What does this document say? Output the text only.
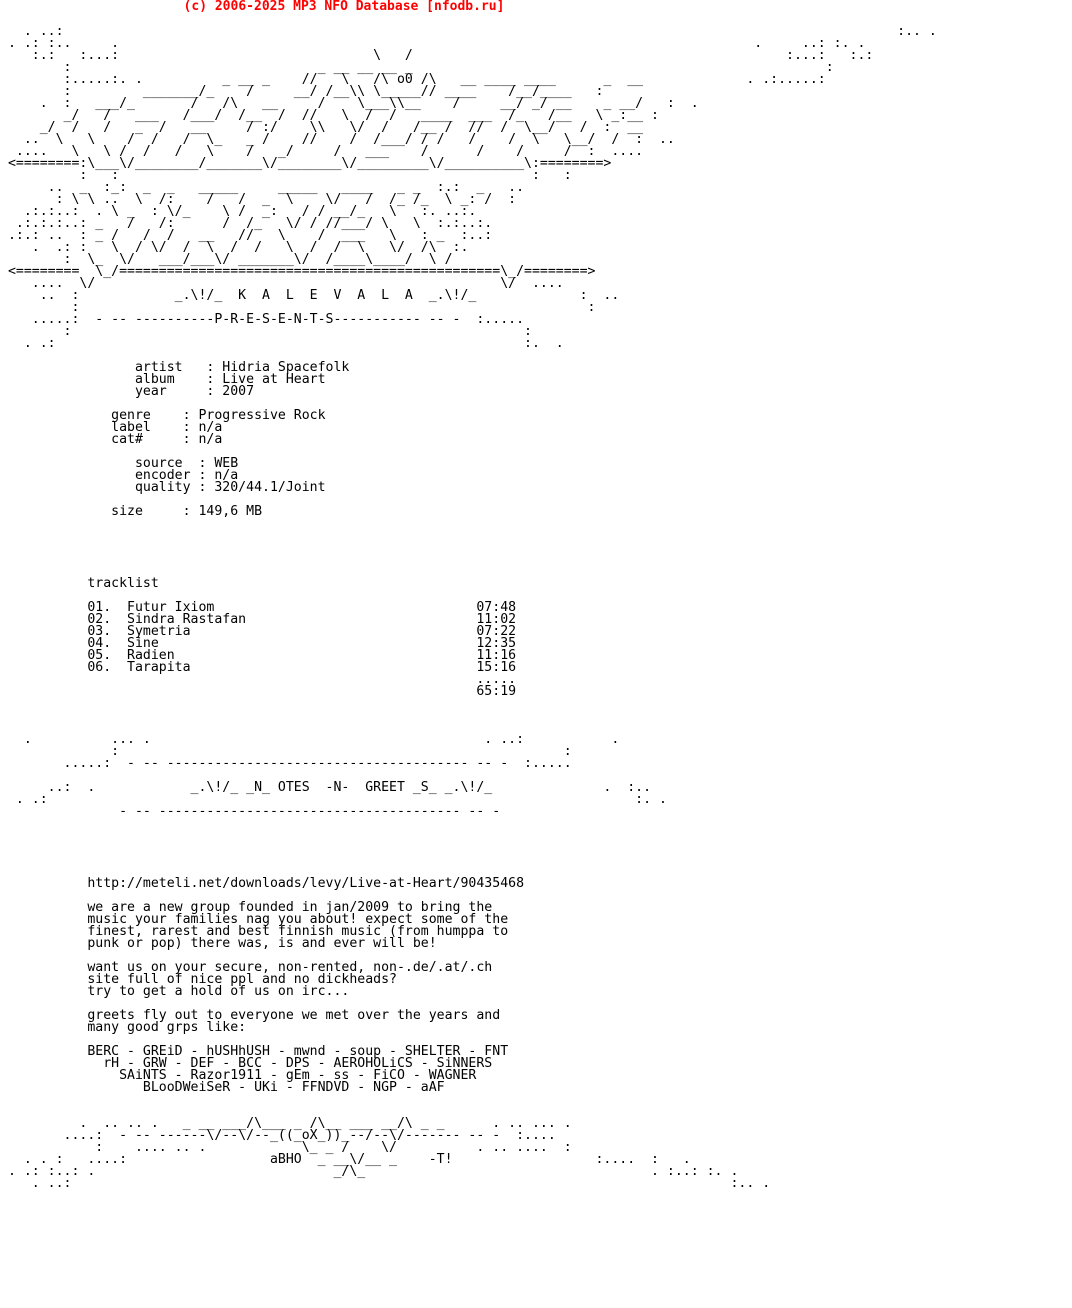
(c) 2006-2025 MP3 NFO Database [nfodb.ru]

. ..:                                                                                                         :.. .
. .: :..     .                                                                                .     ..: :. .
:.:   :...:                                \   /                                               :...:   :.:
:                               _ __ __ __ _                                                    :
:.....:. .          _ __ _    //   \   /\ o0 /\   __ ____ ____      _  __             . .:.....:
:         _______/_    /     __/ /__\\ \_____// ____    /__/____   :
.  :   ___/_       /   /\   __     /    \___\\__    /     __/ _/ __    _ __/   :  .
_/   /   ___   /___/  /__  /  //   \  /  /   ____  ___  /_   /__   \ _:__ :
_/  /   /   _  /   __     / :/    \\   \/  /   /__ /  //  /  \__/   /  :  __
..  \   \    /  /   /  \_   _ /    //    /  /___/ / /   /    /  \   \__/  /  :  ..
....   \   \ /  /   /   \    /   _/     /   ___    /      /    /     /  :  ....
<========:\___\/________/_______\/________\/_________\/__________\:========>
:   :                                                    :   :
..  _  :_:  _  _   _____     _____   ____   _ _  :.:  _   ..
: \ \ ..  \  /:    /   /  _  \    \/   /  /_ /_  \ _: /  :
.:.:..:  . \ _  : \/_    \ /  _:   / / __/_   \   :. ..:.
.:.:.:..: _   /   /:      /  /_   \/ / //___/ \   \  :.:..:.
.:.: ..  : _ /   /  /   __   //   \    /  ___   \   : _  :..:
.  .: :   \  / \/  /  \  /  /   \  /  /  \   \/  /\  :.
:  \_  \/   ___/___\/ _______\/  /____\____/  \ /
<========  \_/================================================\_/========>
....  \/                                                   \/  ....
..  :            _.\!/_  K  A  L  E  V  A  L  A  _.\!/_             :  ..
:                                                                :
.....:  - -- ----------P-R-E-S-E-N-T-S----------- -- -  :.....
:                                                         :
. .:                                                           :.  .

artist   : Hidria Spacefolk
album    : Live at Heart
year     : 2007

genre    : Progressive Rock
label    : n/a
cat#     : n/a

source  : WEB
encoder : n/a
quality : 320/44.1/Joint

size     : 149,6 MB

tracklist

01.  Futur Ixiom                                 07:48
02.  Sindra Rastafan                             11:02
03.  Symetria                                    07:22
04.  Sine                                        12:35
05.  Radien                                      11:16
06.  Tarapita                                    15:16
.....
65:19

.          ... .                                          . ..:           .
:                                                        :
.....:  - -- -------------------------------------- -- -  :.....

..:  .            _.\!/_ _N_ OTES  -N-  GREET _S_ _.\!/_              .  :..
. .:                                                                          :. .
- -- -------------------------------------- -- -

http://meteli.net/downloads/levy/Live-at-Heart/90435468

we are a new group founded in jan/2009 to bring the
music your families nag you about! expect some of the
finest, rarest and best finnish music (from humppa to
punk or pop) there was, is and ever will be!

want us on your secure, non-rented, non-.de/.at/.ch
site full of nice ppl and no dickheads?
try to get a hold of us on irc...

greets fly out to everyone we met over the years and
many good grps like:

BERC - GREiD - hUSHhUSH - mwnd - soup - SHELTER - FNT
rH - GRW - DEF - BCC - DPS - AEROHOLiCS - SiNNERS
SAiNTS - Razor1911 - gEm - ss - FiCO - WAGNER
BLooDWeiSeR - UKi - FFNDVD - NGP - aAF

.  .. .. .   _ __ ___/\___ _ /\__ ___ __/\ _ _      . .. ... .
....:  - -- ------\/--\/--_((_oX_))_--/--\/------- -- -  :....
:    .... .. .            \_ _ /    \/          . .. ....  :
. . :   ....:                  aBHO  _ __\/__ _    -T!                  :....  :   .
. .: :..: .                              _/\_                                    . :..: :. .
. ..:                                                                                   :.. .
